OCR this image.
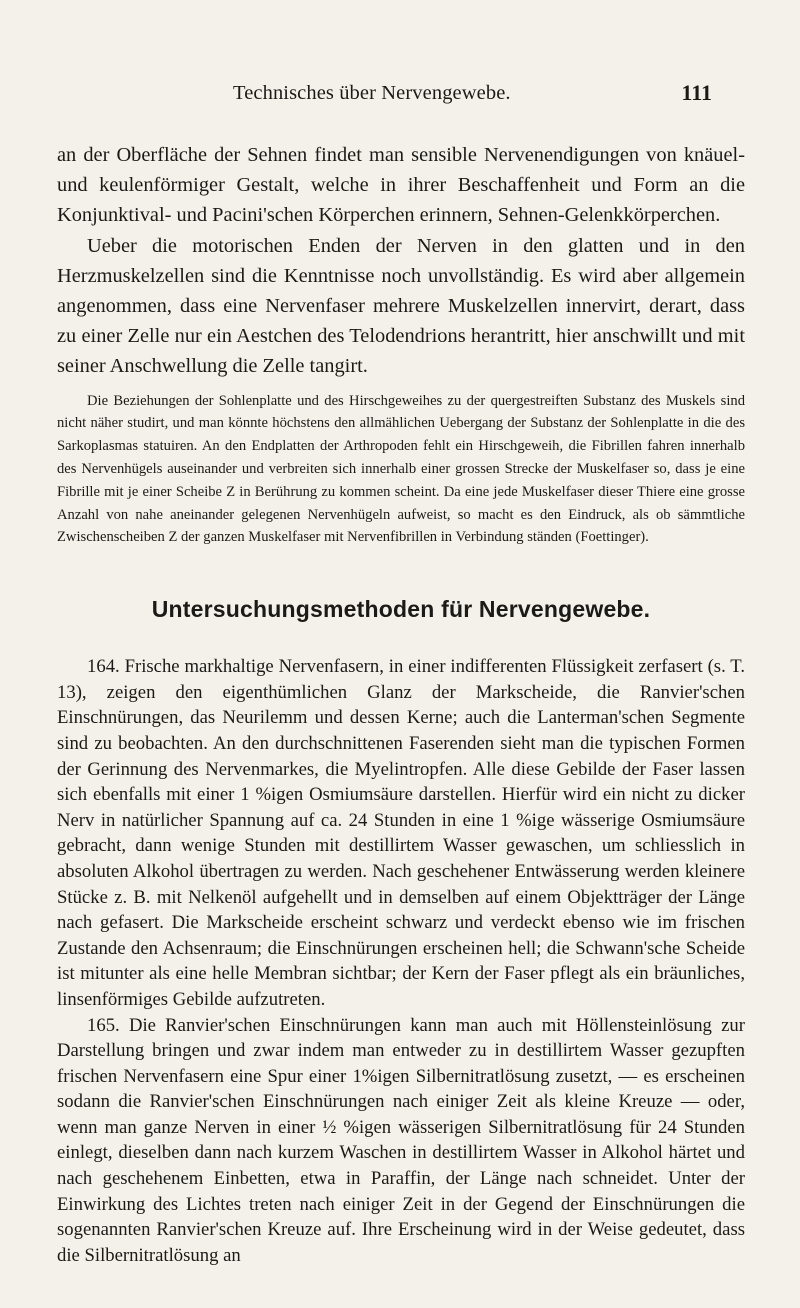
Technisches über Nervengewebe.	111

an der Oberfläche der Sehnen findet man sensible Nervenendigungen von knäuel- und keulenförmiger Gestalt, welche in ihrer Beschaffenheit und Form an die Konjunktival- und Pacini'schen Körperchen erinnern, Sehnen-Gelenkkörperchen.

Ueber die motorischen Enden der Nerven in den glatten und in den Herzmuskelzellen sind die Kenntnisse noch unvollständig. Es wird aber allgemein angenommen, dass eine Nervenfaser mehrere Muskelzellen innervirt, derart, dass zu einer Zelle nur ein Aestchen des Telodendrions herantritt, hier anschwillt und mit seiner Anschwellung die Zelle tangirt.

Die Beziehungen der Sohlenplatte und des Hirschgeweihes zu der quergestreiften Substanz des Muskels sind nicht näher studirt, und man könnte höchstens den allmählichen Uebergang der Substanz der Sohlenplatte in die des Sarkoplasmas statuiren. An den Endplatten der Arthropoden fehlt ein Hirschgeweih, die Fibrillen fahren innerhalb des Nervenhügels auseinander und verbreiten sich innerhalb einer grossen Strecke der Muskelfaser so, dass je eine Fibrille mit je einer Scheibe Z in Berührung zu kommen scheint. Da eine jede Muskelfaser dieser Thiere eine grosse Anzahl von nahe aneinander gelegenen Nervenhügeln aufweist, so macht es den Eindruck, als ob sämmtliche Zwischenscheiben Z der ganzen Muskelfaser mit Nervenfibrillen in Verbindung ständen (Foettinger).

Untersuchungsmethoden für Nervengewebe.

164. Frische markhaltige Nervenfasern, in einer indifferenten Flüssigkeit zerfasert (s. T. 13), zeigen den eigenthümlichen Glanz der Markscheide, die Ranvier'schen Einschnürungen, das Neurilemm und dessen Kerne; auch die Lanterman'schen Segmente sind zu beobachten. An den durchschnittenen Faserenden sieht man die typischen Formen der Gerinnung des Nervenmarkes, die Myelintropfen. Alle diese Gebilde der Faser lassen sich ebenfalls mit einer 1 %igen Osmiumsäure darstellen. Hierfür wird ein nicht zu dicker Nerv in natürlicher Spannung auf ca. 24 Stunden in eine 1 %ige wässerige Osmiumsäure gebracht, dann wenige Stunden mit destillirtem Wasser gewaschen, um schliesslich in absoluten Alkohol übertragen zu werden. Nach geschehener Entwässerung werden kleinere Stücke z. B. mit Nelkenöl aufgehellt und in demselben auf einem Objektträger der Länge nach gefasert. Die Markscheide erscheint schwarz und verdeckt ebenso wie im frischen Zustande den Achsenraum; die Einschnürungen erscheinen hell; die Schwann'sche Scheide ist mitunter als eine helle Membran sichtbar; der Kern der Faser pflegt als ein bräunliches, linsenförmiges Gebilde aufzutreten.

165. Die Ranvier'schen Einschnürungen kann man auch mit Höllensteinlösung zur Darstellung bringen und zwar indem man entweder zu in destillirtem Wasser gezupften frischen Nervenfasern eine Spur einer 1%igen Silbernitratlösung zusetzt, — es erscheinen sodann die Ranvier'schen Einschnürungen nach einiger Zeit als kleine Kreuze — oder, wenn man ganze Nerven in einer ½ %igen wässerigen Silbernitratlösung für 24 Stunden einlegt, dieselben dann nach kurzem Waschen in destillirtem Wasser in Alkohol härtet und nach geschehenem Einbetten, etwa in Paraffin, der Länge nach schneidet. Unter der Einwirkung des Lichtes treten nach einiger Zeit in der Gegend der Einschnürungen die sogenannten Ranvier'schen Kreuze auf. Ihre Erscheinung wird in der Weise gedeutet, dass die Silbernitratlösung an
